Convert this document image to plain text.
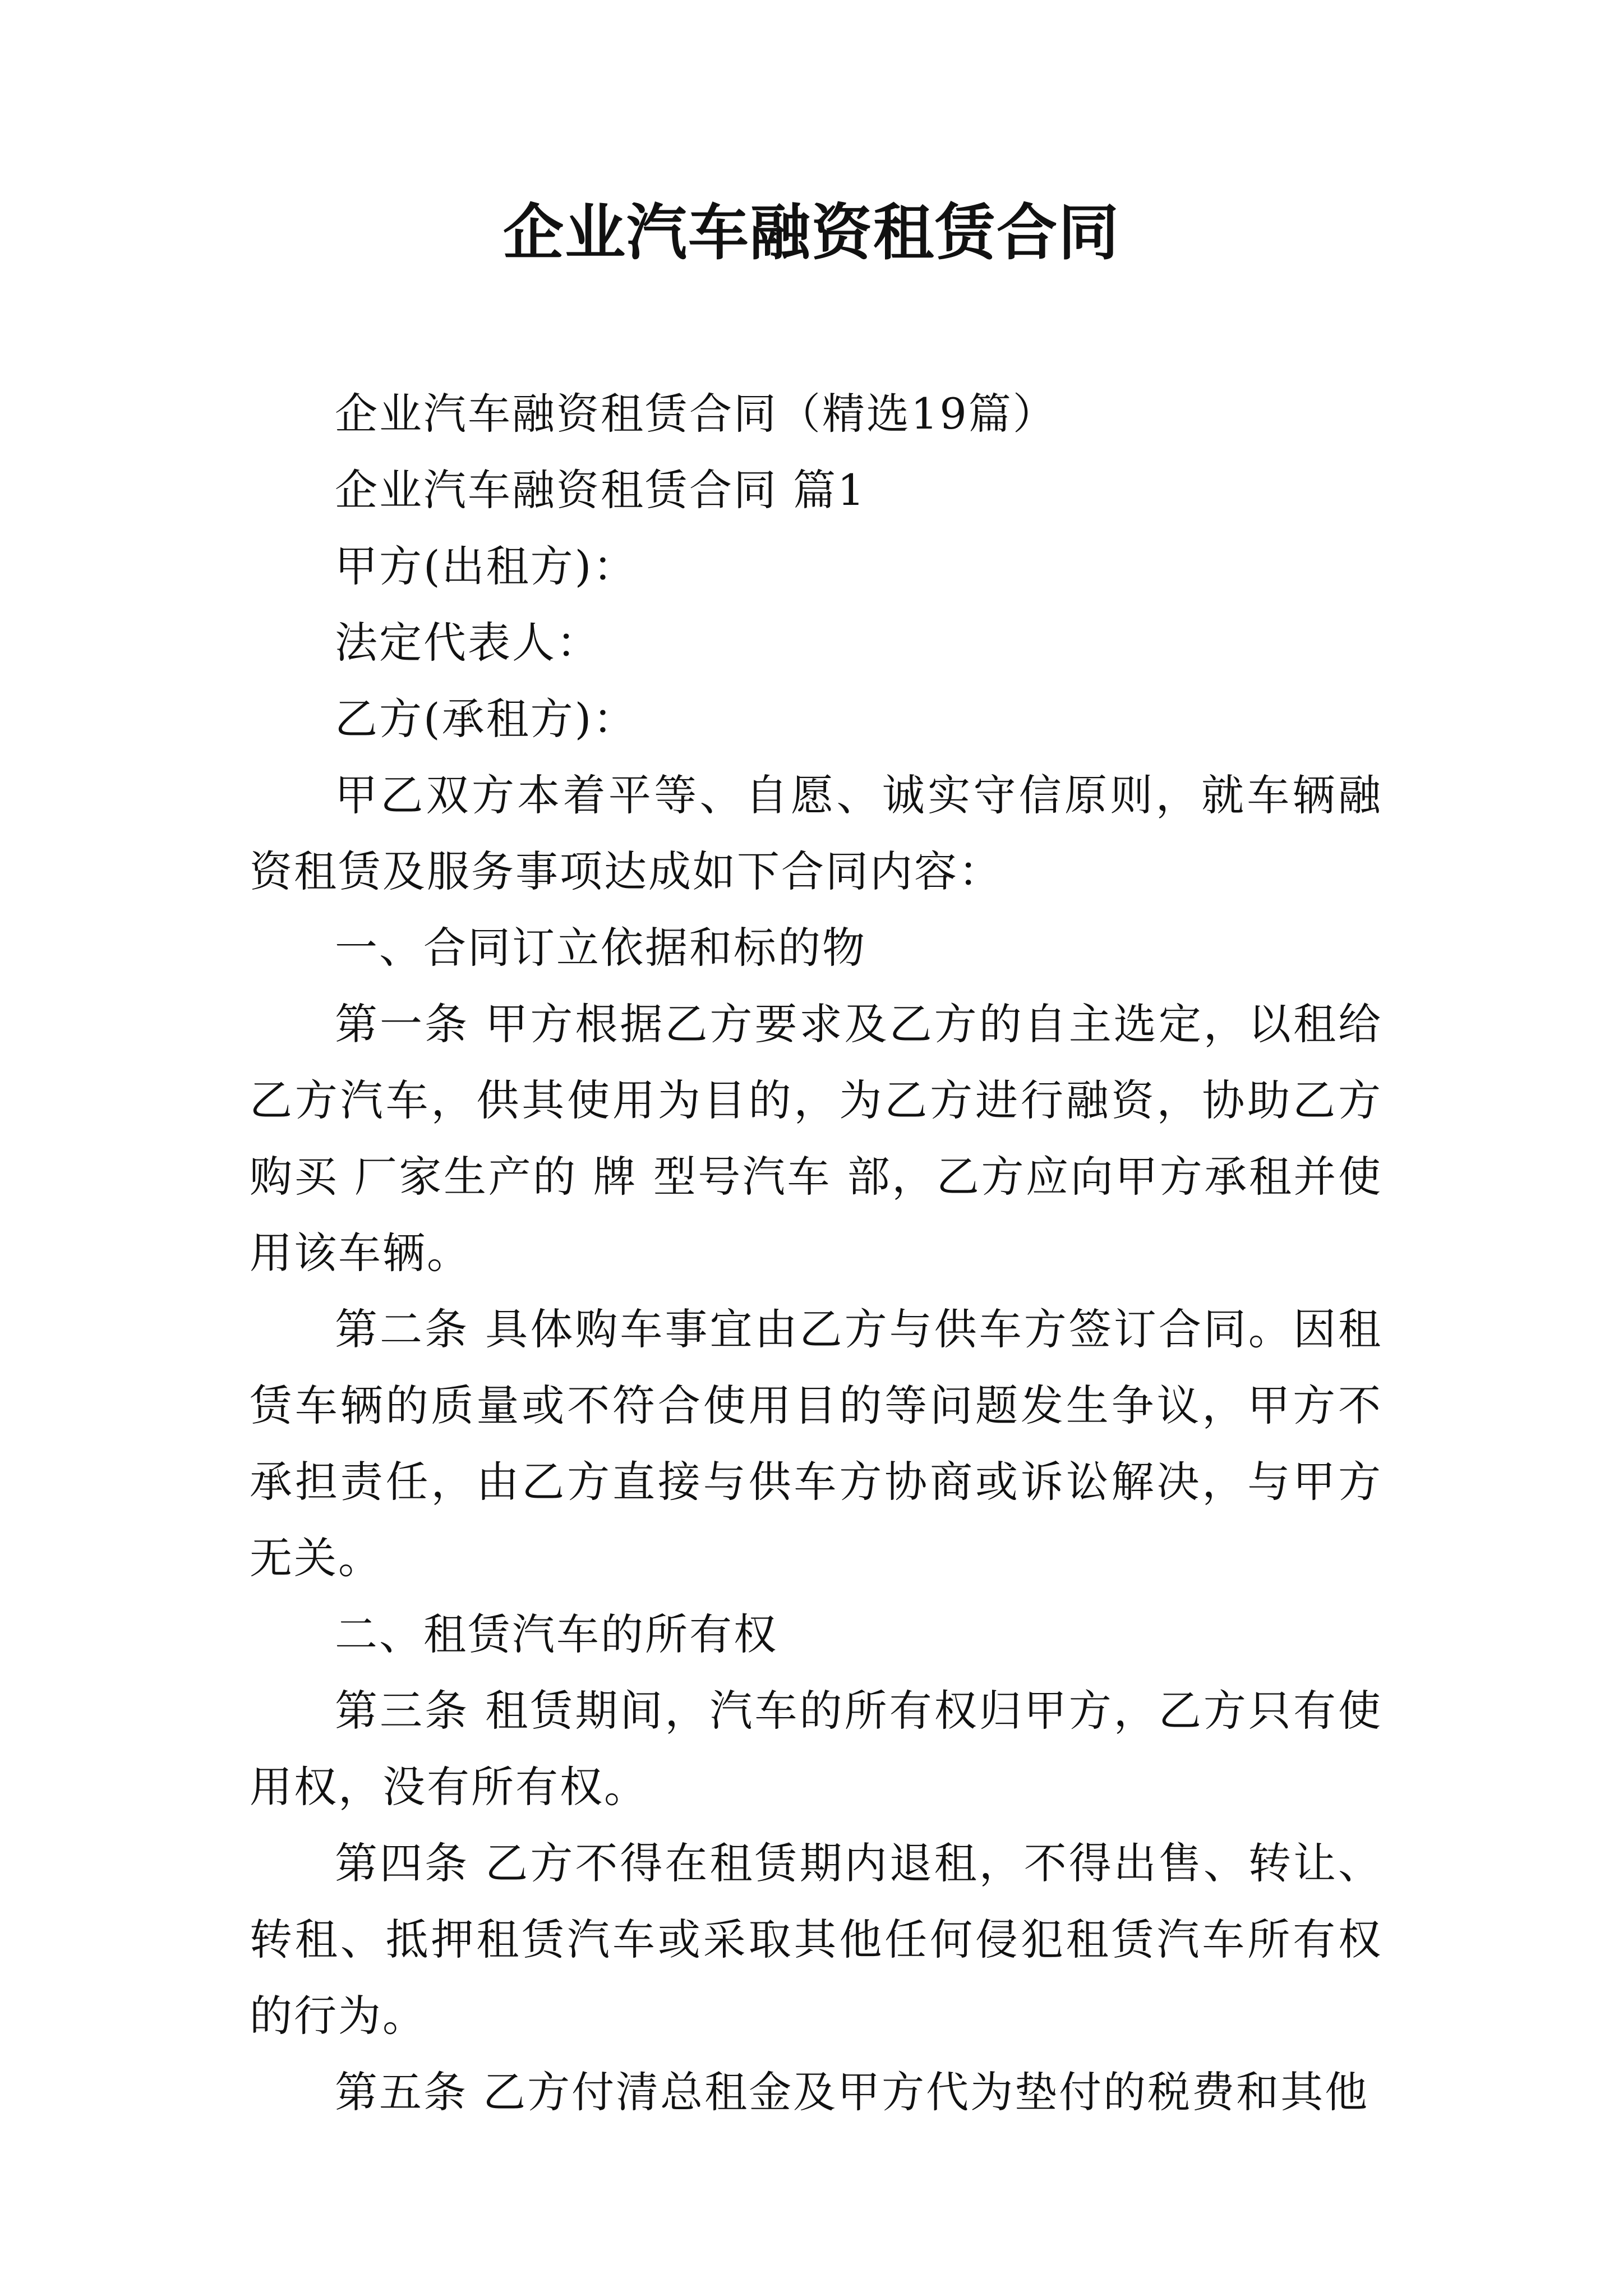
企业汽车融资租赁合同

企业汽车融资租赁合同（精选19篇）

企业汽车融资租赁合同 篇1

甲方(出租方)：

法定代表人：

乙方(承租方)：

甲乙双方本着平等、自愿、诚实守信原则，就车辆融资租赁及服务事项达成如下合同内容：

一、合同订立依据和标的物

第一条 甲方根据乙方要求及乙方的自主选定，以租给乙方汽车，供其使用为目的，为乙方进行融资，协助乙方购买 厂家生产的 牌 型号汽车 部，乙方应向甲方承租并使用该车辆。

第二条 具体购车事宜由乙方与供车方签订合同。因租赁车辆的质量或不符合使用目的等问题发生争议，甲方不承担责任，由乙方直接与供车方协商或诉讼解决，与甲方无关。

二、租赁汽车的所有权

第三条 租赁期间，汽车的所有权归甲方，乙方只有使用权，没有所有权。

第四条 乙方不得在租赁期内退租，不得出售、转让、转租、抵押租赁汽车或采取其他任何侵犯租赁汽车所有权的行为。

第五条 乙方付清总租金及甲方代为垫付的税费和其他
